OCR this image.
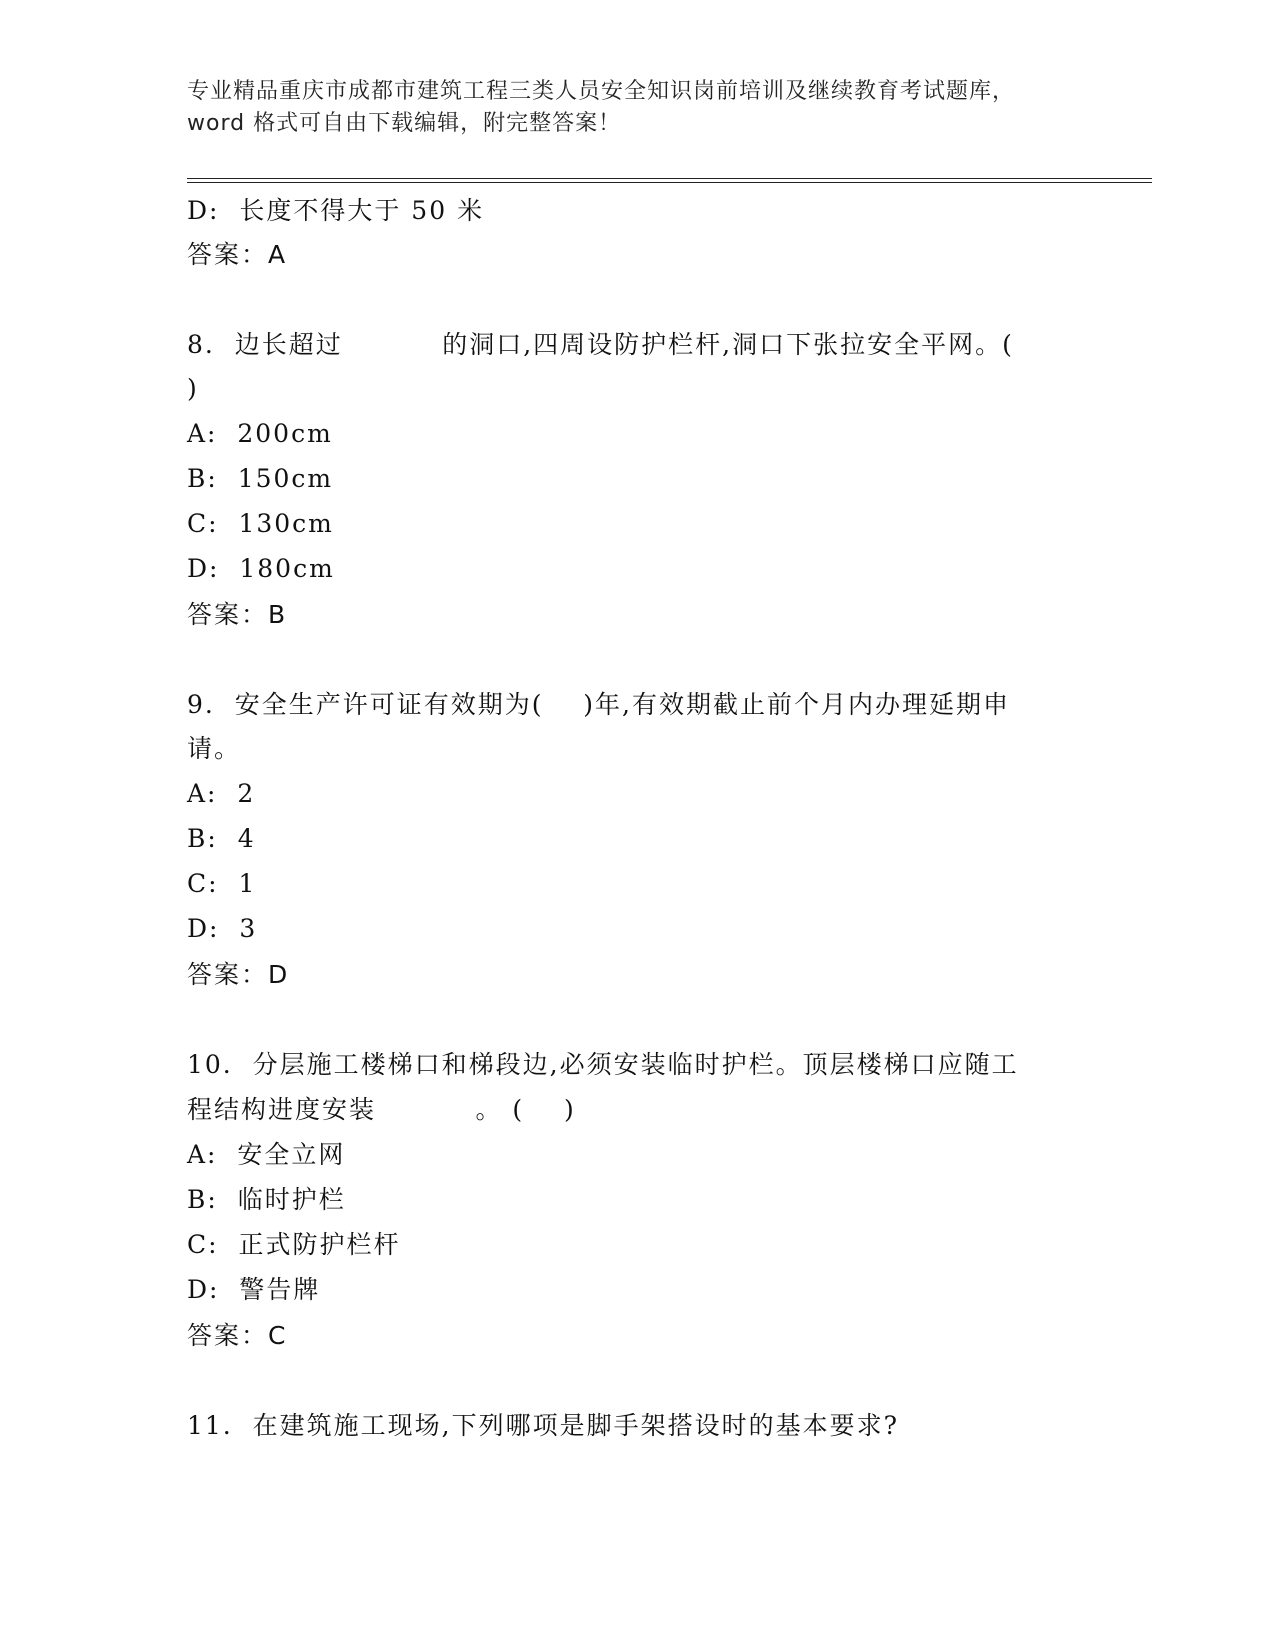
专业精品重庆市成都市建筑工程三类人员安全知识岗前培训及继续教育考试题库，
word 格式可自由下载编辑，附完整答案！
D:  长度不得大于 50 米
答案：A
8.  边长超过          的洞口,四周设防护栏杆,洞口下张拉安全平网。(
)
A:  200cm
B:  150cm
C:  130cm
D:  180cm
答案：B
9.  安全生产许可证有效期为(    )年,有效期截止前个月内办理延期申
请。
A:  2
B:  4
C:  1
D:  3
答案：D
10.  分层施工楼梯口和梯段边,必须安装临时护栏。顶层楼梯口应随工
程结构进度安装          。 (    )
A:  安全立网
B:  临时护栏
C:  正式防护栏杆
D:  警告牌
答案：C
11.  在建筑施工现场,下列哪项是脚手架搭设时的基本要求?
